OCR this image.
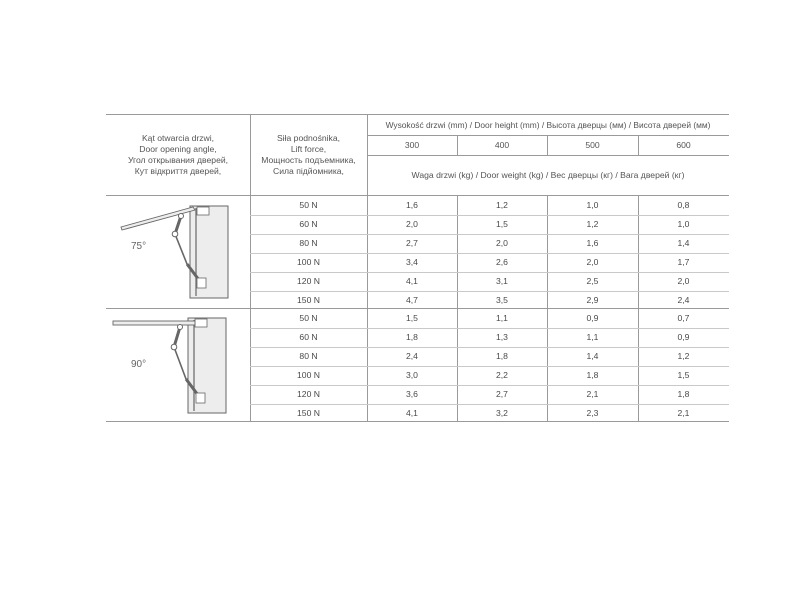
Kąt otwarcia drzwi,
Door opening angle,
Угол открывания дверей,
Кут відкриття дверей,
Siła podnośnika,
Lift force,
Мощность подъемника,
Сила підйомника,
Wysokość drzwi (mm) / Door height (mm) / Высота дверцы (мм) / Висота дверей (мм)
300	400	500	600
Waga drzwi (kg) / Door weight (kg) / Вес дверцы (кг) / Вага дверей (кг)
75°
90°
50 N	1,6	1,2	1,0	0,8
60 N	2,0	1,5	1,2	1,0
80 N	2,7	2,0	1,6	1,4
100 N	3,4	2,6	2,0	1,7
120 N	4,1	3,1	2,5	2,0
150 N	4,7	3,5	2,9	2,4
50 N	1,5	1,1	0,9	0,7
60 N	1,8	1,3	1,1	0,9
80 N	2,4	1,8	1,4	1,2
100 N	3,0	2,2	1,8	1,5
120 N	3,6	2,7	2,1	1,8
150 N	4,1	3,2	2,3	2,1
